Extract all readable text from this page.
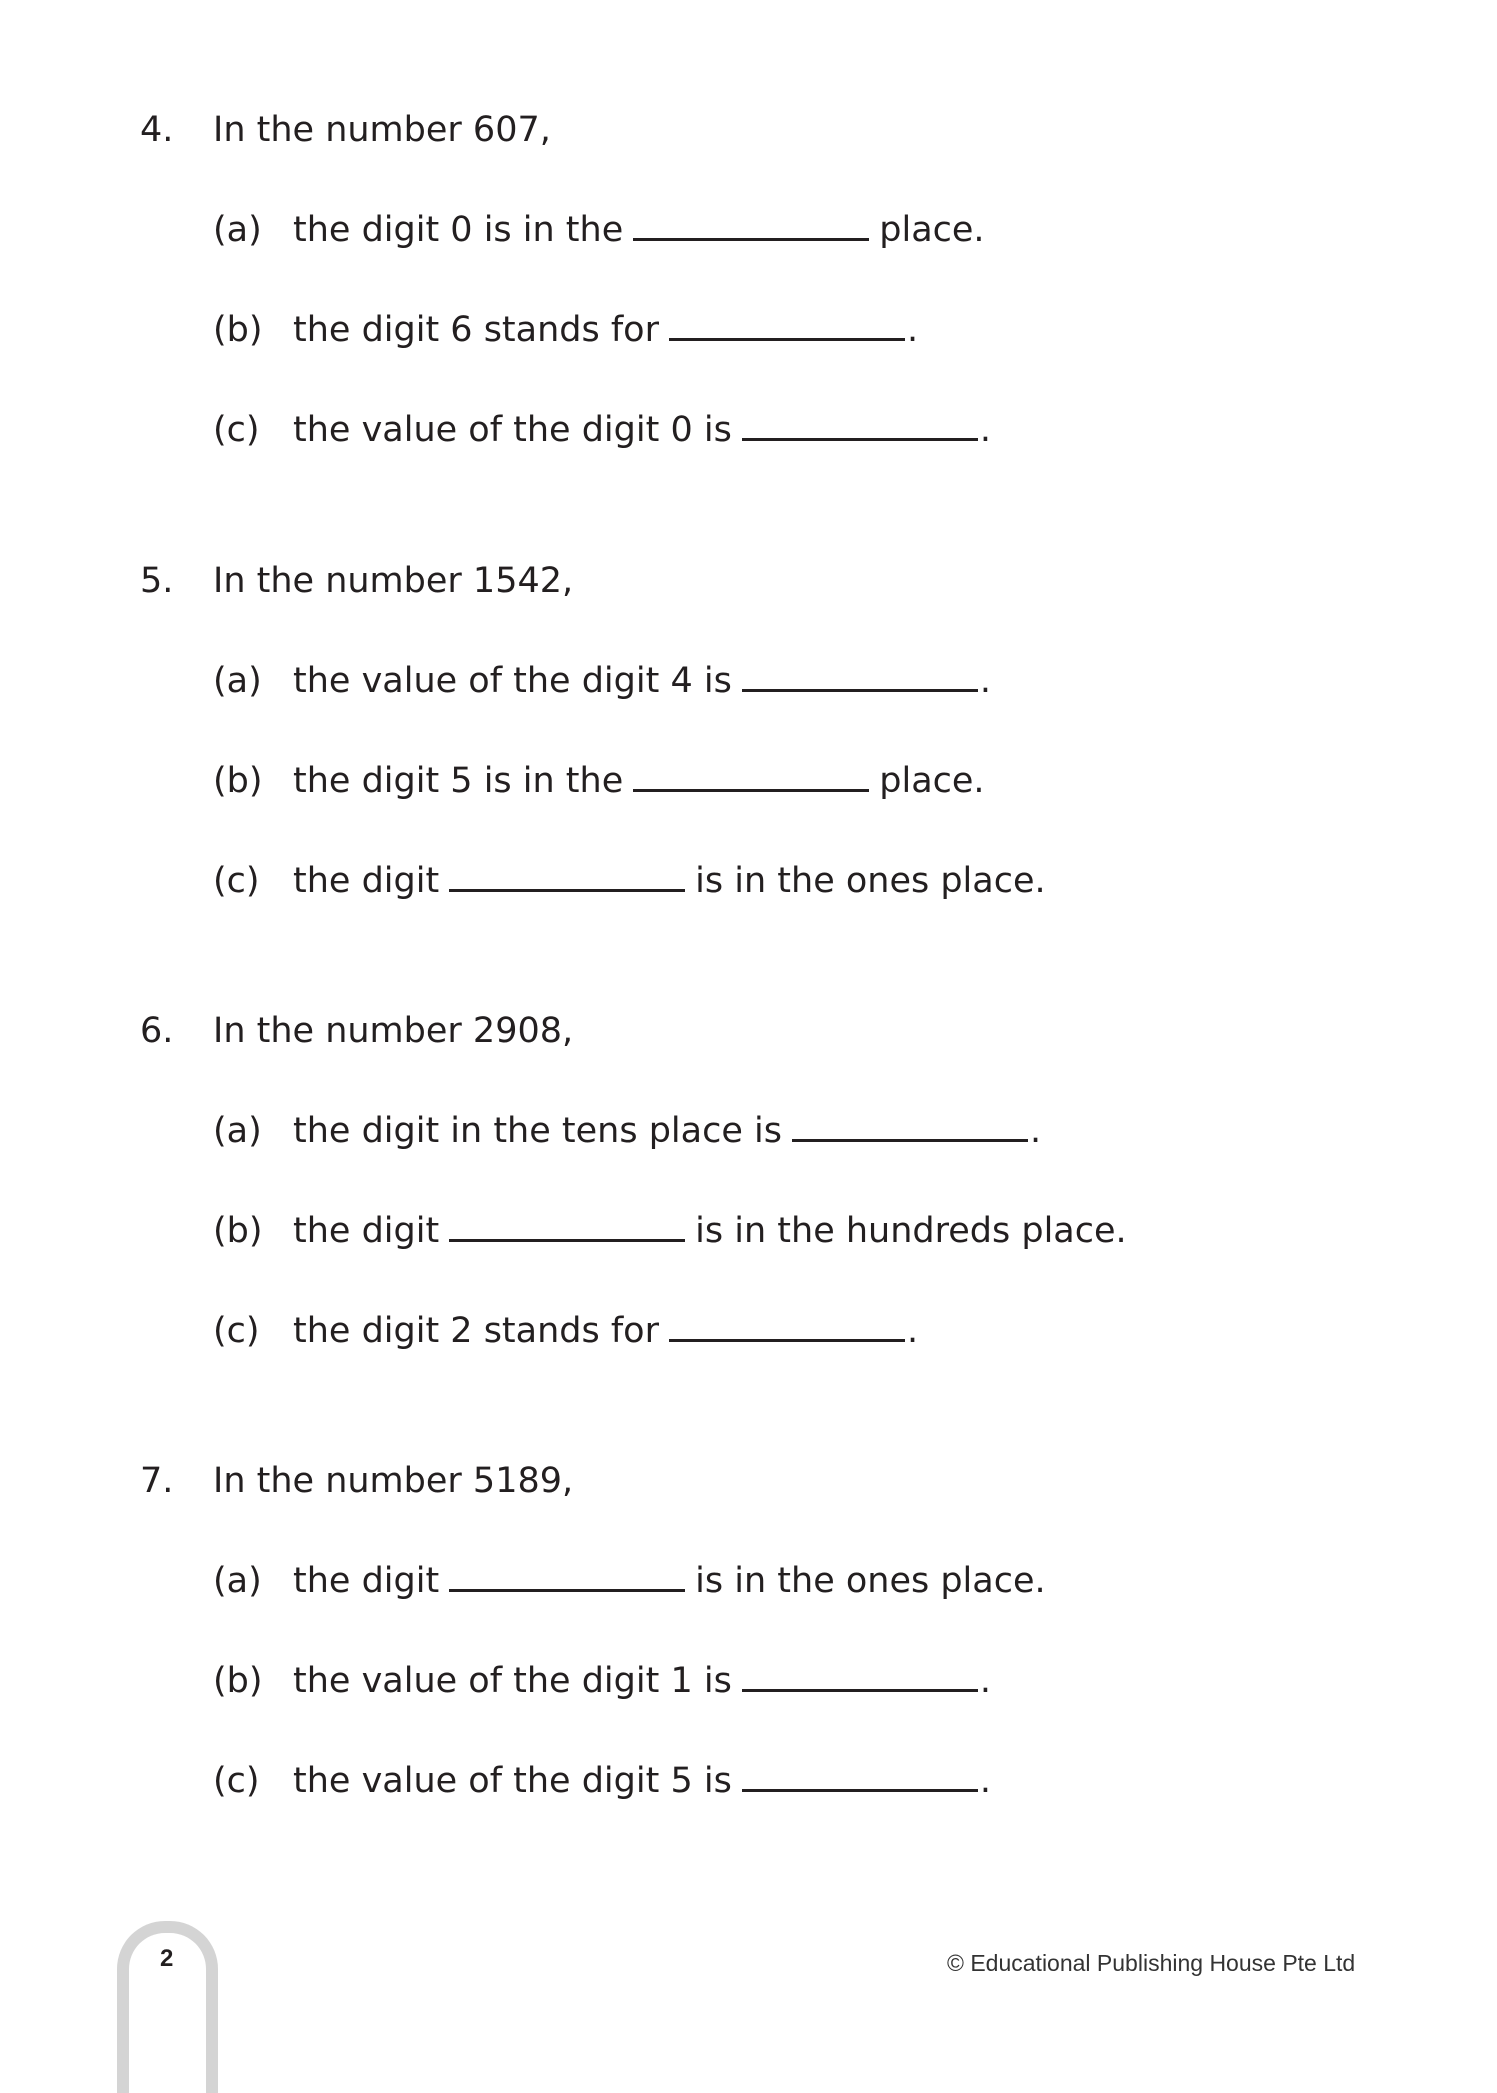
4. In the number 607,
(a) the digit 0 is in the	place.
(b) the digit 6 stands for	.
(c) the value of the digit 0 is	.
5. In the number 1542,
(a) the value of the digit 4 is	.
(b) the digit 5 is in the	place.
(c) the digit	is in the ones place.
6. In the number 2908,
(a) the digit in the tens place is	.
(b) the digit	is in the hundreds place.
(c) the digit 2 stands for	.
7. In the number 5189,
(a) the digit	is in the ones place.
(b) the value of the digit 1 is	.
(c) the value of the digit 5 is	.
2	© Educational Publishing House Pte Ltd
